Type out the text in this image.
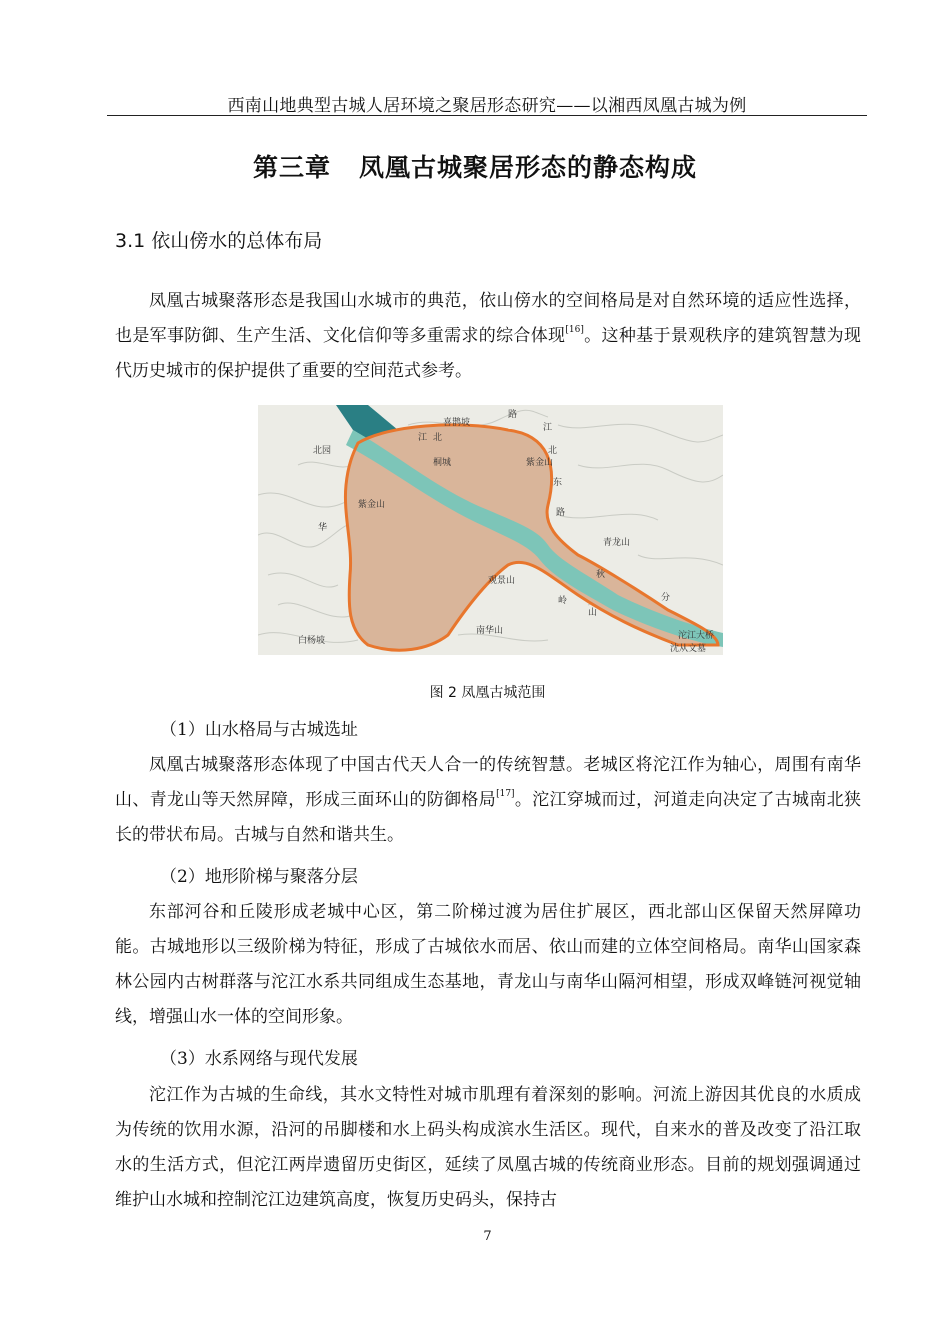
西南山地典型古城人居环境之聚居形态研究——以湘西凤凰古城为例
第三章 凤凰古城聚居形态的静态构成
3.1 依山傍水的总体布局

凤凰古城聚落形态是我国山水城市的典范，依山傍水的空间格局是对自然环境的适应性选择，也是军事防御、生产生活、文化信仰等多重需求的综合体现[16]。这种基于景观秩序的建筑智慧为现代历史城市的保护提供了重要的空间范式参考。

喜鹊坡
江 北
路
江
北
东
路
北园
桐城	紫金山
紫金山
华
青龙山
观景山
南华山
白杨坡
岭
山
秋
分
沱江大桥
沈从文墓
图 2 凤凰古城范围
（1）山水格局与古城选址

凤凰古城聚落形态体现了中国古代天人合一的传统智慧。老城区将沱江作为轴心，周围有南华山、青龙山等天然屏障，形成三面环山的防御格局[17]。沱江穿城而过，河道走向决定了古城南北狭长的带状布局。古城与自然和谐共生。

（2）地形阶梯与聚落分层

东部河谷和丘陵形成老城中心区，第二阶梯过渡为居住扩展区，西北部山区保留天然屏障功能。古城地形以三级阶梯为特征，形成了古城依水而居、依山而建的立体空间格局。南华山国家森林公园内古树群落与沱江水系共同组成生态基地，青龙山与南华山隔河相望，形成双峰链河视觉轴线，增强山水一体的空间形象。

（3）水系网络与现代发展

沱江作为古城的生命线，其水文特性对城市肌理有着深刻的影响。河流上游因其优良的水质成为传统的饮用水源，沿河的吊脚楼和水上码头构成滨水生活区。现代，自来水的普及改变了沿江取水的生活方式，但沱江两岸遗留历史街区，延续了凤凰古城的传统商业形态。目前的规划强调通过维护山水城和控制沱江边建筑高度，恢复历史码头，保持古

7
